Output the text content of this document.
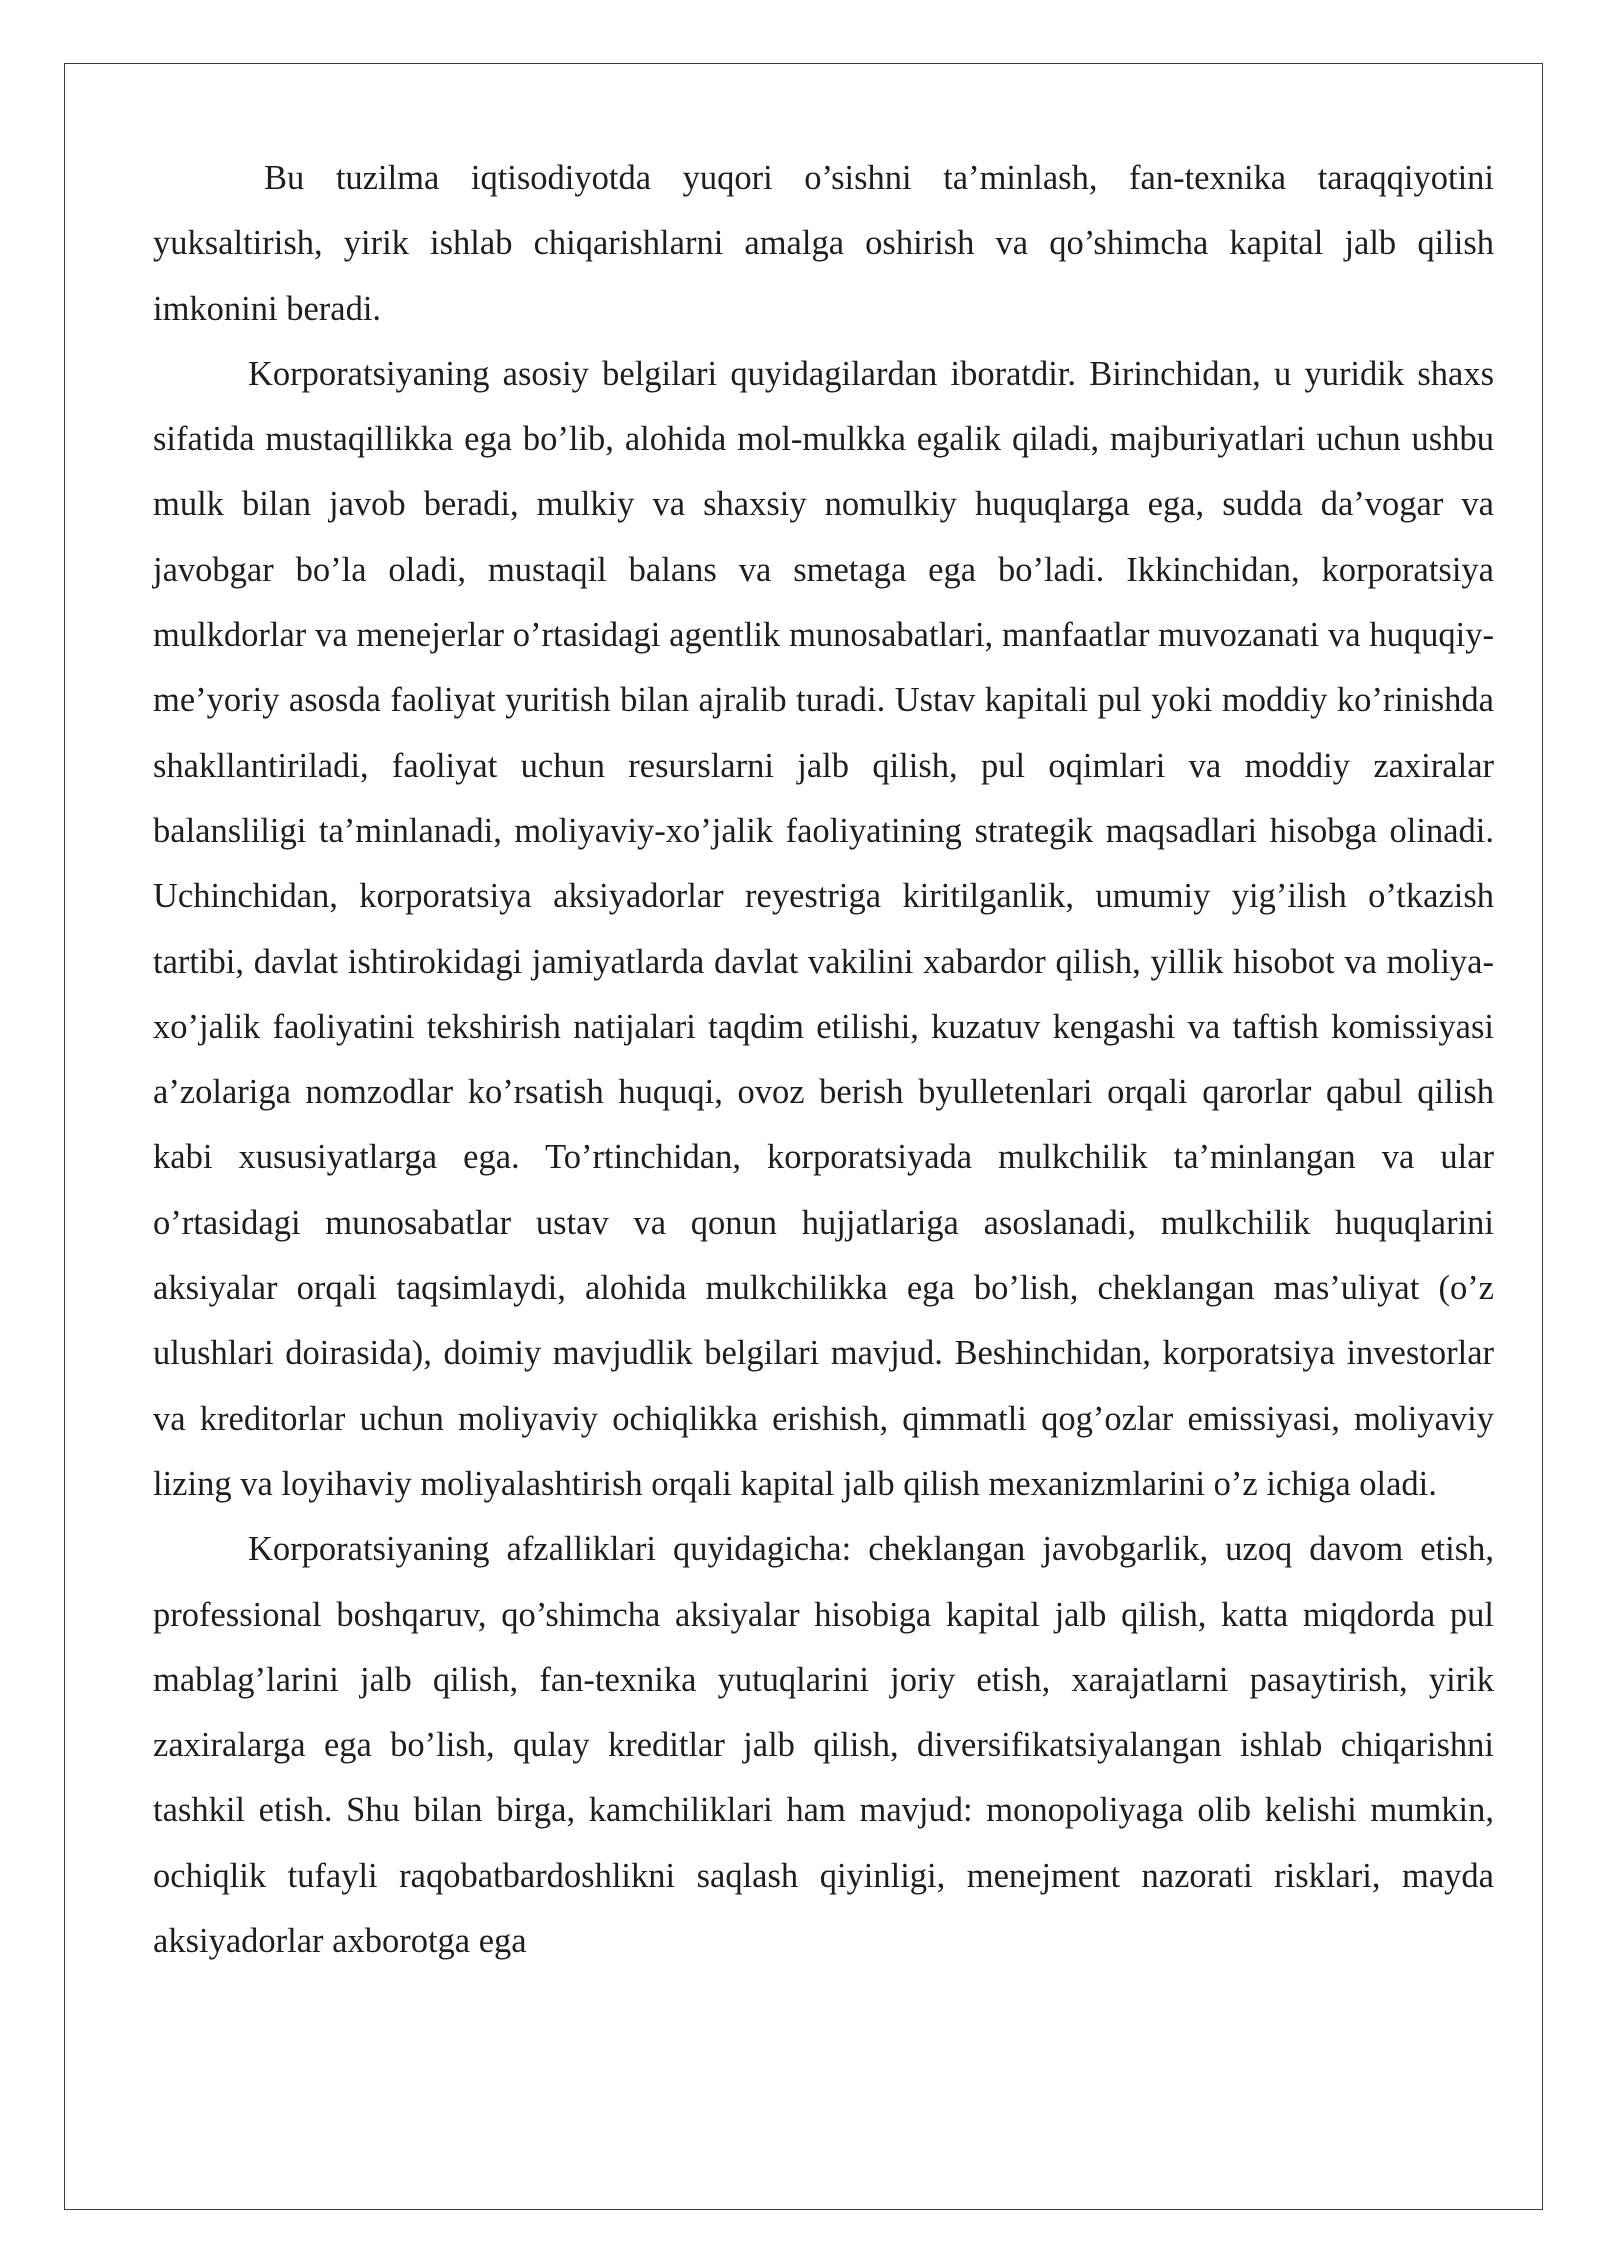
Bu tuzilma iqtisodiyotda yuqori o’sishni ta’minlash, fan-texnika taraqqiyotini yuksaltirish, yirik ishlab chiqarishlarni amalga oshirish va qo’shimcha kapital jalb qilish imkonini beradi.

Korporatsiyaning asosiy belgilari quyidagilardan iboratdir. Birinchidan, u yuridik shaxs sifatida mustaqillikka ega bo’lib, alohida mol-mulkka egalik qiladi, majburiyatlari uchun ushbu mulk bilan javob beradi, mulkiy va shaxsiy nomulkiy huquqlarga ega, sudda da’vogar va javobgar bo’la oladi, mustaqil balans va smetaga ega bo’ladi. Ikkinchidan, korporatsiya mulkdorlar va menejerlar o’rtasidagi agentlik munosabatlari, manfaatlar muvozanati va huquqiy-me’yoriy asosda faoliyat yuritish bilan ajralib turadi. Ustav kapitali pul yoki moddiy ko’rinishda shakllantiriladi, faoliyat uchun resurslarni jalb qilish, pul oqimlari va moddiy zaxiralar balansliligi ta’minlanadi, moliyaviy-xo’jalik faoliyatining strategik maqsadlari hisobga olinadi. Uchinchidan, korporatsiya aksiyadorlar reyestriga kiritilganlik, umumiy yig’ilish o’tkazish tartibi, davlat ishtirokidagi jamiyatlarda davlat vakilini xabardor qilish, yillik hisobot va moliya-xo’jalik faoliyatini tekshirish natijalari taqdim etilishi, kuzatuv kengashi va taftish komissiyasi a’zolariga nomzodlar ko’rsatish huquqi, ovoz berish byulletenlari orqali qarorlar qabul qilish kabi xususiyatlarga ega. To’rtinchidan, korporatsiyada mulkchilik ta’minlangan va ular o’rtasidagi munosabatlar ustav va qonun hujjatlariga asoslanadi, mulkchilik huquqlarini aksiyalar orqali taqsimlaydi, alohida mulkchilikka ega bo’lish, cheklangan mas’uliyat (o’z ulushlari doirasida), doimiy mavjudlik belgilari mavjud. Beshinchidan, korporatsiya investorlar va kreditorlar uchun moliyaviy ochiqlikka erishish, qimmatli qog’ozlar emissiyasi, moliyaviy lizing va loyihaviy moliyalashtirish orqali kapital jalb qilish mexanizmlarini o’z ichiga oladi.

Korporatsiyaning afzalliklari quyidagicha: cheklangan javobgarlik, uzoq davom etish, professional boshqaruv, qo’shimcha aksiyalar hisobiga kapital jalb qilish, katta miqdorda pul mablag’larini jalb qilish, fan-texnika yutuqlarini joriy etish, xarajatlarni pasaytirish, yirik zaxiralarga ega bo’lish, qulay kreditlar jalb qilish, diversifikatsiyalangan ishlab chiqarishni tashkil etish. Shu bilan birga, kamchiliklari ham mavjud: monopoliyaga olib kelishi mumkin, ochiqlik tufayli raqobatbardoshlikni saqlash qiyinligi, menejment nazorati risklari, mayda aksiyadorlar axborotga ega
